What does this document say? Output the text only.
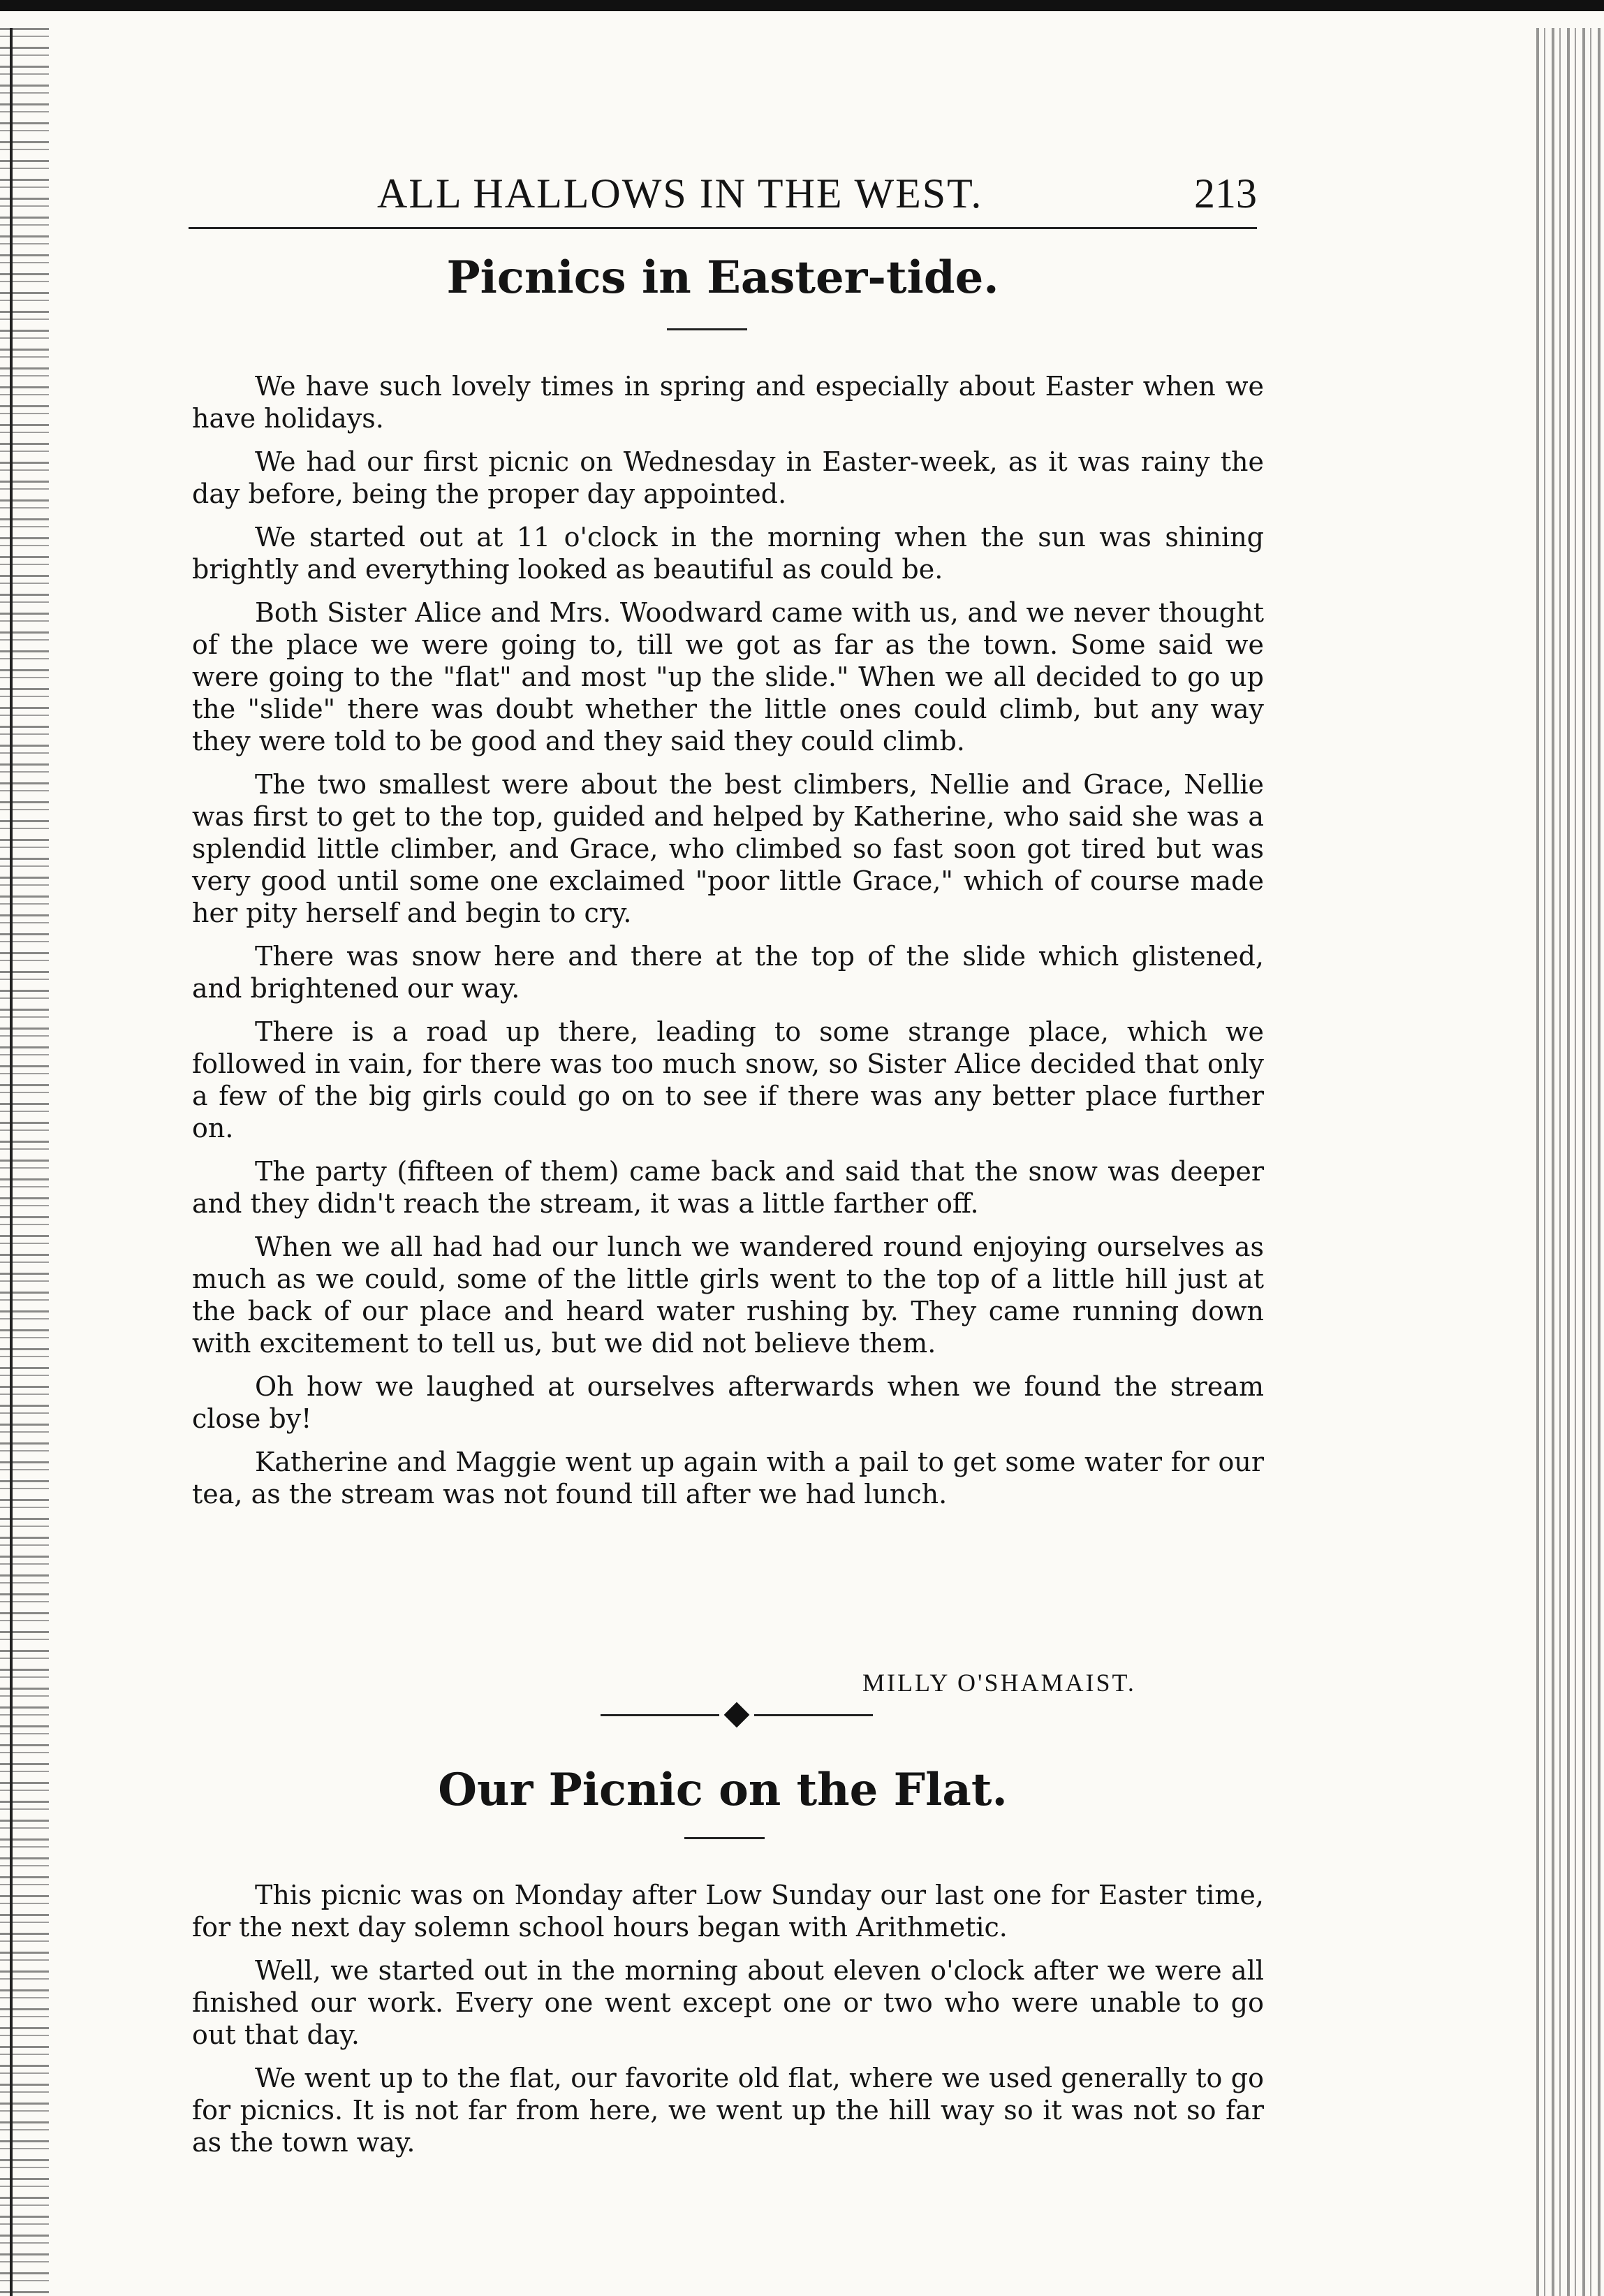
ALL HALLOWS IN THE WEST.	213
Picnics in Easter-tide.

We have such lovely times in spring and especially about Easter when we have holidays.

We had our first picnic on Wednesday in Easter-week, as it was rainy the day before, being the proper day appointed.

We started out at 11 o'clock in the morning when the sun was shining brightly and everything looked as beautiful as could be.

Both Sister Alice and Mrs. Woodward came with us, and we never thought of the place we were going to, till we got as far as the town. Some said we were going to the "flat" and most "up the slide." When we all decided to go up the "slide" there was doubt whether the little ones could climb, but any way they were told to be good and they said they could climb.

The two smallest were about the best climbers, Nellie and Grace, Nellie was first to get to the top, guided and helped by Katherine, who said she was a splendid little climber, and Grace, who climbed so fast soon got tired but was very good until some one exclaimed "poor little Grace," which of course made her pity herself and begin to cry.

There was snow here and there at the top of the slide which glistened, and brightened our way.

There is a road up there, leading to some strange place, which we followed in vain, for there was too much snow, so Sister Alice decided that only a few of the big girls could go on to see if there was any better place further on.

The party (fifteen of them) came back and said that the snow was deeper and they didn't reach the stream, it was a little farther off.

When we all had had our lunch we wandered round enjoying ourselves as much as we could, some of the little girls went to the top of a little hill just at the back of our place and heard water rushing by. They came running down with excitement to tell us, but we did not believe them.

Oh how we laughed at ourselves afterwards when we found the stream close by!

Katherine and Maggie went up again with a pail to get some water for our tea, as the stream was not found till after we had lunch.

MILLY O'SHAMAIST.
Our Picnic on the Flat.

This picnic was on Monday after Low Sunday our last one for Easter time, for the next day solemn school hours began with Arithmetic.

Well, we started out in the morning about eleven o'clock after we were all finished our work. Every one went except one or two who were unable to go out that day.

We went up to the flat, our favorite old flat, where we used generally to go for picnics. It is not far from here, we went up the hill way so it was not so far as the town way.
